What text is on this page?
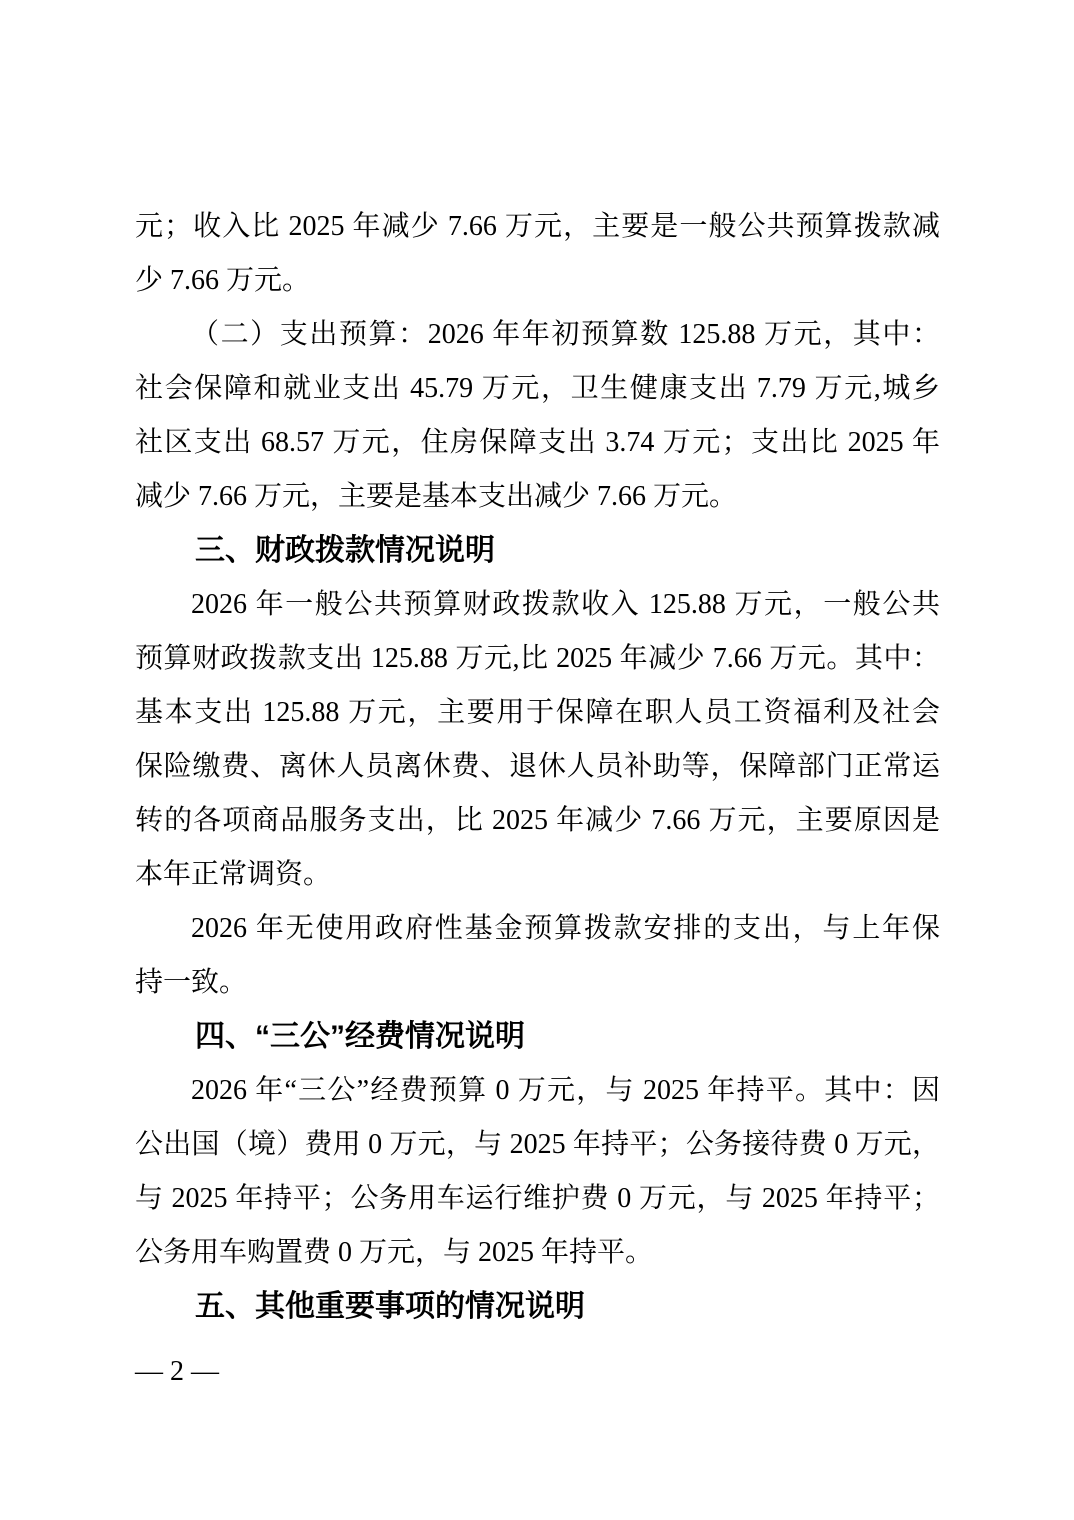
元；收入比 2025 年减少 7.66 万元，主要是一般公共预算拨款减
少 7.66 万元。
（二）支出预算：2026 年年初预算数 125.88 万元，其中：
社会保障和就业支出 45.79 万元，卫生健康支出 7.79 万元,城乡
社区支出 68.57 万元，住房保障支出 3.74 万元；支出比 2025 年
减少 7.66 万元，主要是基本支出减少 7.66 万元。
三、财政拨款情况说明
2026 年一般公共预算财政拨款收入 125.88 万元，一般公共
预算财政拨款支出 125.88 万元,比 2025 年减少 7.66 万元。其中：
基本支出 125.88 万元，主要用于保障在职人员工资福利及社会
保险缴费、离休人员离休费、退休人员补助等，保障部门正常运
转的各项商品服务支出，比 2025 年减少 7.66 万元，主要原因是
本年正常调资。
2026 年无使用政府性基金预算拨款安排的支出，与上年保
持一致。
四、“三公”经费情况说明
2026 年“三公”经费预算 0 万元，与 2025 年持平。其中：因
公出国（境）费用 0 万元，与 2025 年持平；公务接待费 0 万元，
与 2025 年持平；公务用车运行维护费 0 万元，与 2025 年持平；
公务用车购置费 0 万元，与 2025 年持平。
五、其他重要事项的情况说明
— 2 —
